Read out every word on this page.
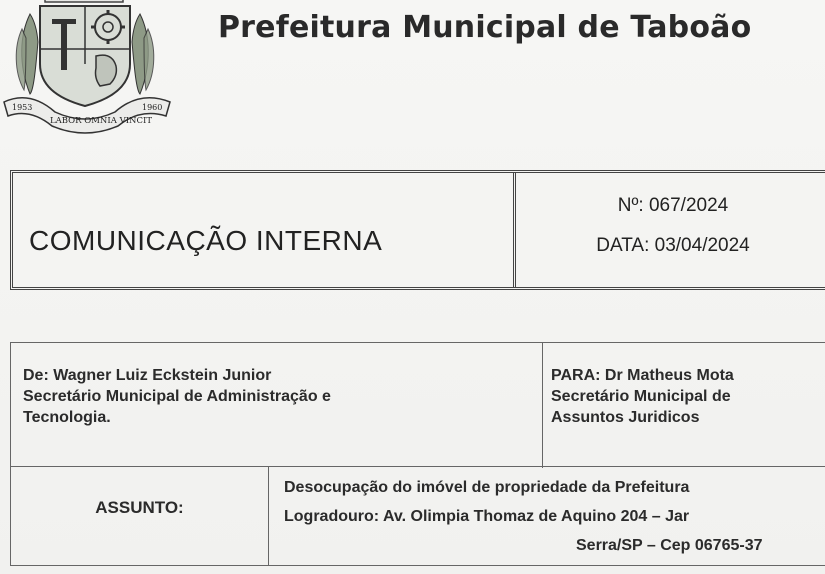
1953
LABOR OMNIA VINCIT
1960
Prefeitura Municipal de Taboão
COMUNICAÇÃO INTERNA
Nº: 067/2024
DATA: 03/04/2024
De: Wagner Luiz Eckstein Junior
Secretário Municipal de Administração e
Tecnologia.
PARA: Dr Matheus Mota
Secretário Municipal de
Assuntos Juridicos
ASSUNTO:
Desocupação do imóvel de propriedade da Prefeitura
Logradouro: Av. Olimpia Thomaz de Aquino 204 – Jar
Serra/SP – Cep 06765-37
